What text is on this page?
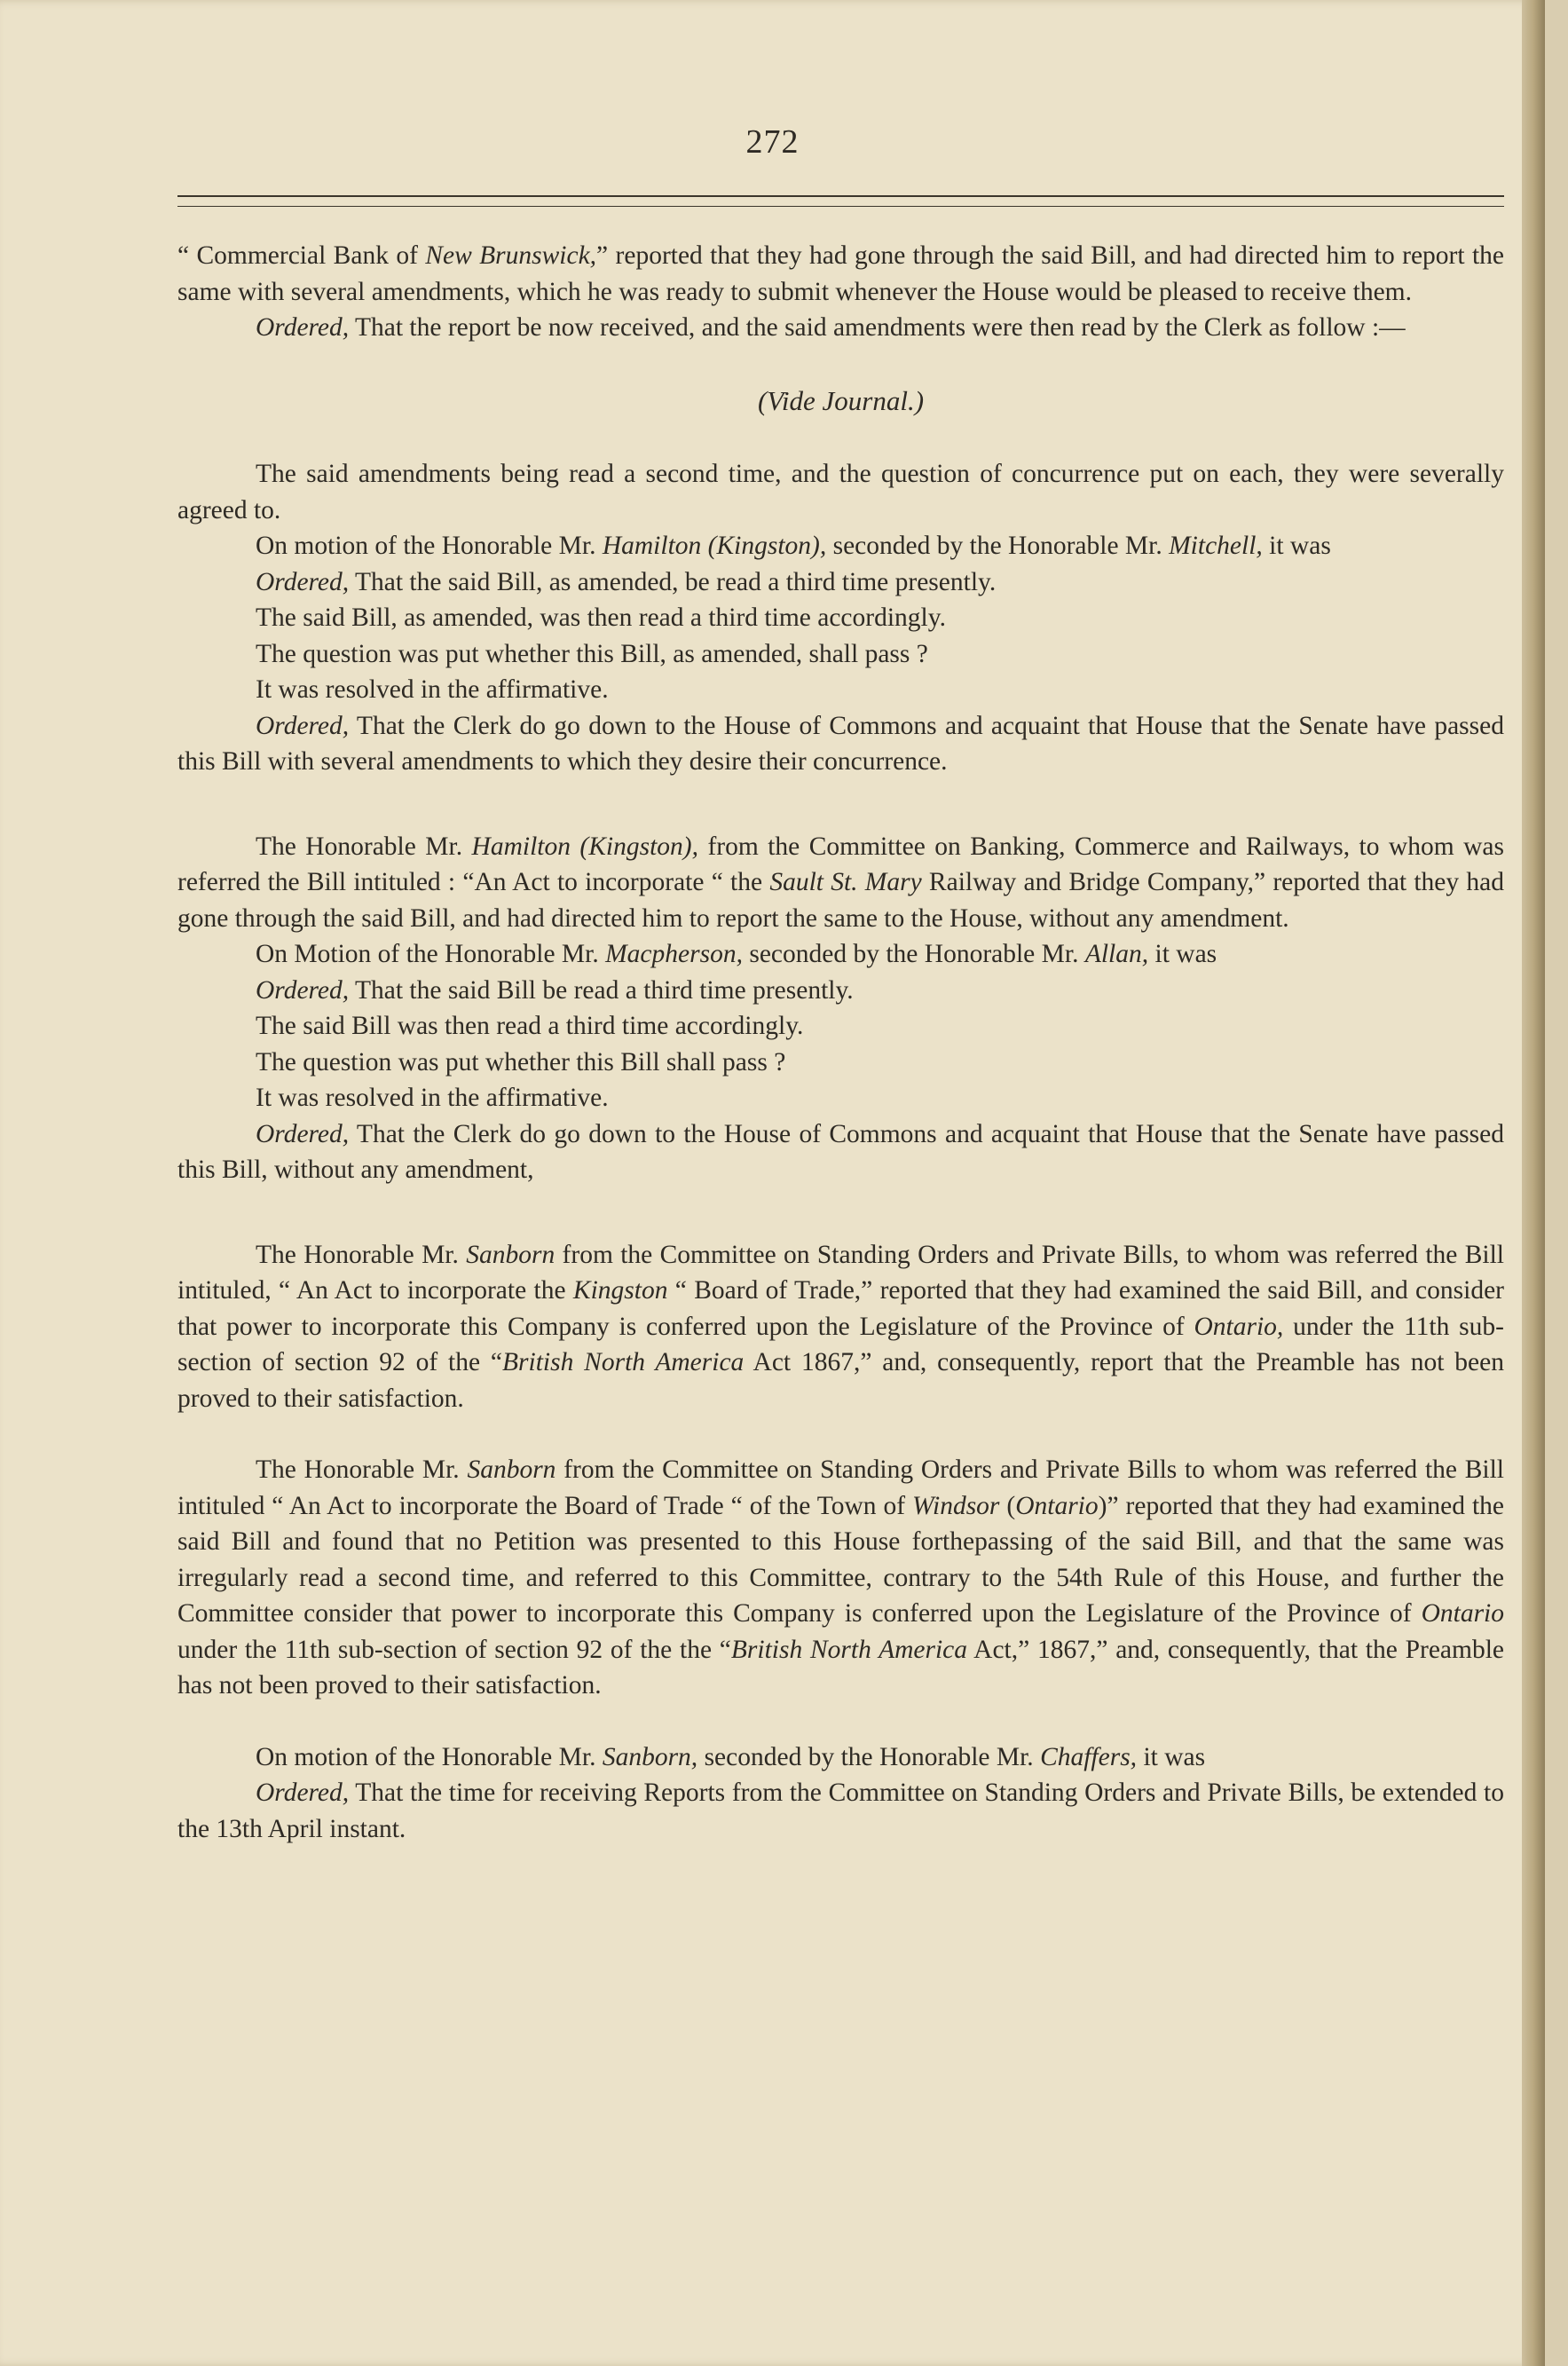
272

“ Commercial Bank of New Brunswick,” reported that they had gone through the said Bill, and had directed him to report the same with several amendments, which he was ready to submit whenever the House would be pleased to receive them.

Ordered, That the report be now received, and the said amendments were then read by the Clerk as follow :—

(Vide Journal.)

The said amendments being read a second time, and the question of concurrence put on each, they were severally agreed to.

On motion of the Honorable Mr. Hamilton (Kingston), seconded by the Honorable Mr. Mitchell, it was

Ordered, That the said Bill, as amended, be read a third time presently.

The said Bill, as amended, was then read a third time accordingly.

The question was put whether this Bill, as amended, shall pass ?

It was resolved in the affirmative.

Ordered, That the Clerk do go down to the House of Commons and acquaint that House that the Senate have passed this Bill with several amendments to which they desire their concurrence.

The Honorable Mr. Hamilton (Kingston), from the Committee on Banking, Commerce and Railways, to whom was referred the Bill intituled : “An Act to incorporate “ the Sault St. Mary Railway and Bridge Company,” reported that they had gone through the said Bill, and had directed him to report the same to the House, without any amendment.

On Motion of the Honorable Mr. Macpherson, seconded by the Honorable Mr. Allan, it was

Ordered, That the said Bill be read a third time presently.

The said Bill was then read a third time accordingly.

The question was put whether this Bill shall pass ?

It was resolved in the affirmative.

Ordered, That the Clerk do go down to the House of Commons and acquaint that House that the Senate have passed this Bill, without any amendment,

The Honorable Mr. Sanborn from the Committee on Standing Orders and Private Bills, to whom was referred the Bill intituled, “ An Act to incorporate the Kingston “ Board of Trade,” reported that they had examined the said Bill, and consider that power to incorporate this Company is conferred upon the Legislature of the Province of Ontario, under the 11th sub-section of section 92 of the “British North America Act 1867,” and, consequently, report that the Preamble has not been proved to their satisfaction.

The Honorable Mr. Sanborn from the Committee on Standing Orders and Private Bills to whom was referred the Bill intituled “ An Act to incorporate the Board of Trade “ of the Town of Windsor (Ontario)” reported that they had examined the said Bill and found that no Petition was presented to this House forthepassing of the said Bill, and that the same was irregularly read a second time, and referred to this Committee, contrary to the 54th Rule of this House, and further the Committee consider that power to incorporate this Company is conferred upon the Legislature of the Province of Ontario under the 11th sub-section of section 92 of the the “British North America Act,” 1867,” and, consequently, that the Preamble has not been proved to their satisfaction.

On motion of the Honorable Mr. Sanborn, seconded by the Honorable Mr. Chaffers, it was

Ordered, That the time for receiving Reports from the Committee on Standing Orders and Private Bills, be extended to the 13th April instant.
